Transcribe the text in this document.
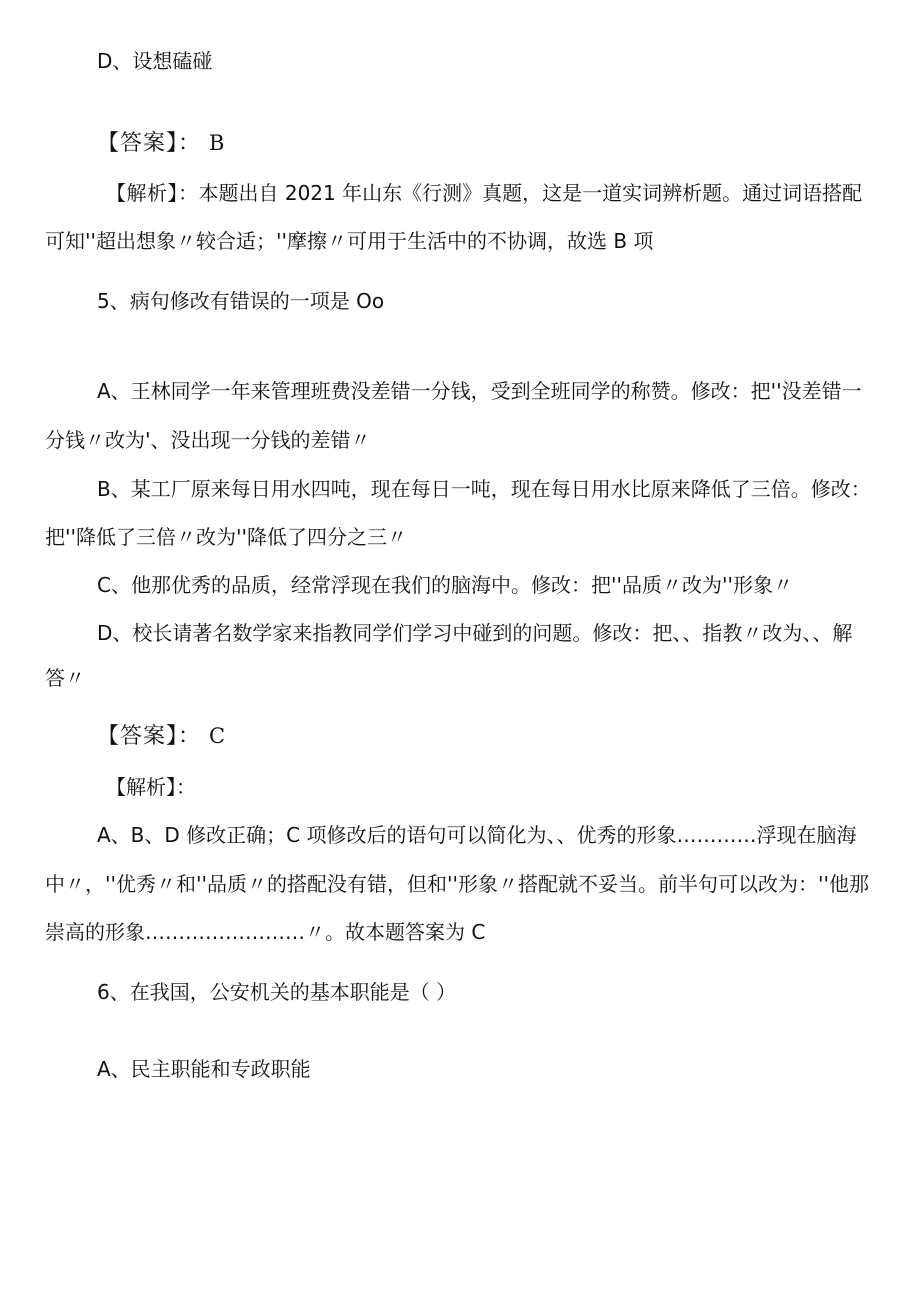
D、设想磕碰
【答案】： B
【解析】：本题出自 2021 年山东《行测》真题，这是一道实词辨析题。通过词语搭配
可知''超出想象〃较合适；''摩擦〃可用于生活中的不协调，故选 B 项
5、病句修改有错误的一项是 Oo
A、王林同学一年来管理班费没差错一分钱，受到全班同学的称赞。修改：把''没差错一
分钱〃改为'、没出现一分钱的差错〃
B、某工厂原来每日用水四吨，现在每日一吨，现在每日用水比原来降低了三倍。修改：
把''降低了三倍〃改为''降低了四分之三〃
C、他那优秀的品质，经常浮现在我们的脑海中。修改：把''品质〃改为''形象〃
D、校长请著名数学家来指教同学们学习中碰到的问题。修改：把、、指教〃改为、、解
答〃
【答案】： C
【解析】：
A、B、D 修改正确；C 项修改后的语句可以简化为、、优秀的形象…………浮现在脑海
中〃，''优秀〃和''品质〃的搭配没有错，但和''形象〃搭配就不妥当。前半句可以改为：''他那
崇高的形象……………………〃。故本题答案为 C
6、在我国，公安机关的基本职能是（ ）
A、民主职能和专政职能
